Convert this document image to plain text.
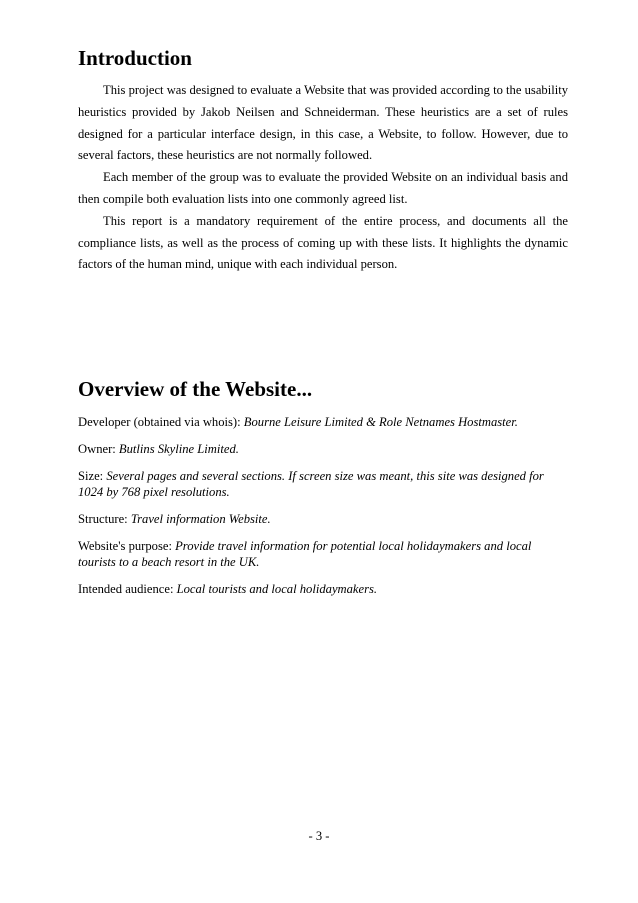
Introduction

This project was designed to evaluate a Website that was provided according to the usability heuristics provided by Jakob Neilsen and Schneiderman. These heuristics are a set of rules designed for a particular interface design, in this case, a Website, to follow. However, due to several factors, these heuristics are not normally followed.

Each member of the group was to evaluate the provided Website on an individual basis and then compile both evaluation lists into one commonly agreed list.

This report is a mandatory requirement of the entire process, and documents all the compliance lists, as well as the process of coming up with these lists. It highlights the dynamic factors of the human mind, unique with each individual person.

Overview of the Website...

Developer (obtained via whois): Bourne Leisure Limited & Role Netnames Hostmaster.

Owner: Butlins Skyline Limited.

Size: Several pages and several sections. If screen size was meant, this site was designed for 1024 by 768 pixel resolutions.

Structure: Travel information Website.

Website's purpose: Provide travel information for potential local holidaymakers and local tourists to a beach resort in the UK.

Intended audience: Local tourists and local holidaymakers.

- 3 -
